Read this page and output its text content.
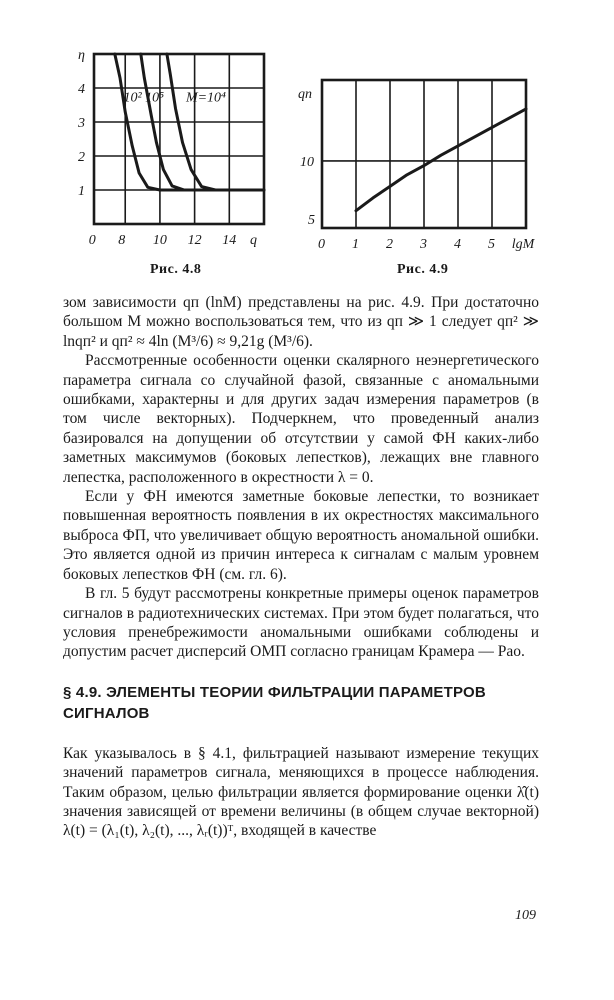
10² 10⁵ M=10⁴
η
4
3
2
1
0 8 10 12 14 q
Рис. 4.8
qп
10
5
0 1 2 3 4 5 lgM
Рис. 4.9

зом зависимости qп (lnM) представлены на рис. 4.9. При достаточно большом M можно воспользоваться тем, что из qп ≫ 1 следует qп² ≫ lnqп² и qп² ≈ 4ln (M³/6) ≈ 9,21g (M³/6).

Рассмотренные особенности оценки скалярного неэнергетического параметра сигнала со случайной фазой, связанные с аномальными ошибками, характерны и для других задач измерения параметров (в том числе векторных). Подчеркнем, что проведенный анализ базировался на допущении об отсутствии у самой ФН каких-либо заметных максимумов (боковых лепестков), лежащих вне главного лепестка, расположенного в окрестности λ = 0.

Если у ФН имеются заметные боковые лепестки, то возникает повышенная вероятность появления в их окрестностях максимального выброса ФП, что увеличивает общую вероятность аномальной ошибки. Это является одной из причин интереса к сигналам с малым уровнем боковых лепестков ФН (см. гл. 6).

В гл. 5 будут рассмотрены конкретные примеры оценок параметров сигналов в радиотехнических системах. При этом будет полагаться, что условия пренебрежимости аномальными ошибками соблюдены и допустим расчет дисперсий ОМП согласно границам Крамера — Рао.

§ 4.9. ЭЛЕМЕНТЫ ТЕОРИИ ФИЛЬТРАЦИИ ПАРАМЕТРОВ СИГНАЛОВ

Как указывалось в § 4.1, фильтрацией называют измерение текущих значений параметров сигнала, меняющихся в процессе наблюдения. Таким образом, целью фильтрации является формирование оценки λ̂(t) значения зависящей от времени величины (в общем случае векторной) λ(t) = (λ₁(t), λ₂(t), ..., λᵣ(t))ᵀ, входящей в качестве

109
